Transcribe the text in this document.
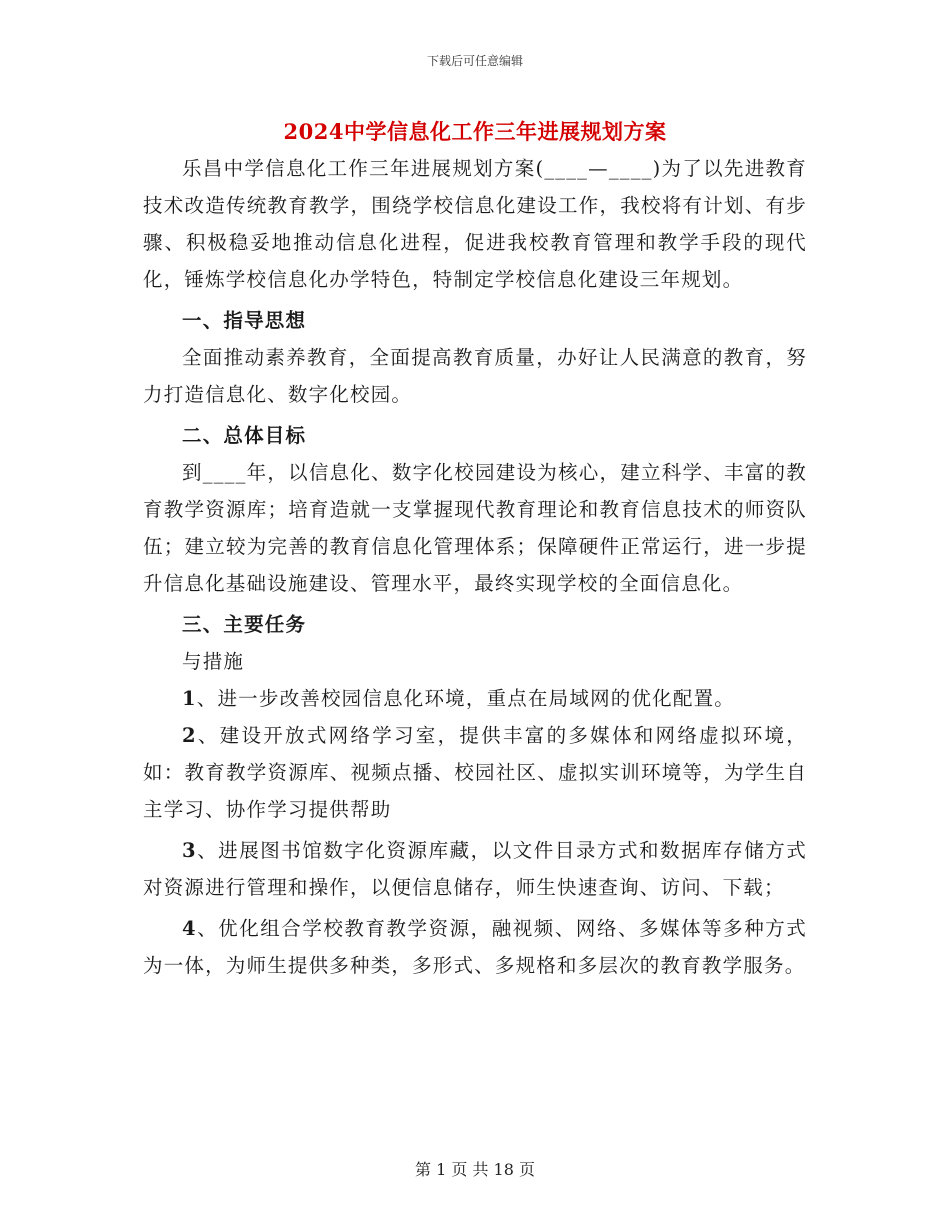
下载后可任意编辑
2024中学信息化工作三年进展规划方案

乐昌中学信息化工作三年进展规划方案(____—____)为了以先进教育技术改造传统教育教学，围绕学校信息化建设工作，我校将有计划、有步骤、积极稳妥地推动信息化进程，促进我校教育管理和教学手段的现代化，锤炼学校信息化办学特色，特制定学校信息化建设三年规划。

一、指导思想

全面推动素养教育，全面提高教育质量，办好让人民满意的教育，努力打造信息化、数字化校园。

二、总体目标

到____年，以信息化、数字化校园建设为核心，建立科学、丰富的教育教学资源库；培育造就一支掌握现代教育理论和教育信息技术的师资队伍；建立较为完善的教育信息化管理体系；保障硬件正常运行，进一步提升信息化基础设施建设、管理水平，最终实现学校的全面信息化。

三、主要任务

与措施

1、进一步改善校园信息化环境，重点在局域网的优化配置。

2、建设开放式网络学习室，提供丰富的多媒体和网络虚拟环境，如：教育教学资源库、视频点播、校园社区、虚拟实训环境等，为学生自主学习、协作学习提供帮助

3、进展图书馆数字化资源库藏，以文件目录方式和数据库存储方式对资源进行管理和操作，以便信息储存，师生快速查询、访问、下载；

4、优化组合学校教育教学资源，融视频、网络、多媒体等多种方式为一体，为师生提供多种类，多形式、多规格和多层次的教育教学服务。

第 1 页 共 18 页
